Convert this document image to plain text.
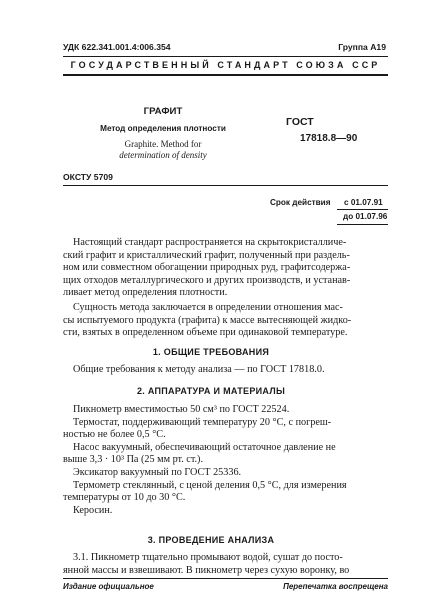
УДК 622.341.001.4:006.354	Группа А19
ГОСУДАРСТВЕННЫЙ СТАНДАРТ СОЮЗА ССР
ГРАФИТ
Метод определения плотности
Graphite. Method for
determination of density
ГОСТ
17818.8—90
ОКСТУ 5709
Срок действия с 01.07.91
до 01.07.96
Настоящий стандарт распространяется на скрытокристалличе-
ский графит и кристаллический графит, полученный при раздель-
ном или совместном обогащении природных руд, графитсодержа-
щих отходов металлургического и других производств, и устанав-
ливает метод определения плотности.
Сущность метода заключается в определении отношения мас-
сы испытуемого продукта (графита) к массе вытесняющей жидко-
сти, взятых в определенном объеме при одинаковой температуре.
1. ОБЩИЕ ТРЕБОВАНИЯ
Общие требования к методу анализа — по ГОСТ 17818.0.
2. АППАРАТУРА И МАТЕРИАЛЫ
Пикнометр вместимостью 50 см³ по ГОСТ 22524.
Термостат, поддерживающий температуру 20 °С, с погреш-
ностью не более 0,5 °С.
Насос вакуумный, обеспечивающий остаточное давление не
выше 3,3 · 10³ Па (25 мм рт. ст.).
Эксикатор вакуумный по ГОСТ 25336.
Термометр стеклянный, с ценой деления 0,5 °С, для измерения
температуры от 10 до 30 °С.
Керосин.
3. ПРОВЕДЕНИЕ АНАЛИЗА
3.1. Пикнометр тщательно промывают водой, сушат до посто-
янной массы и взвешивают. В пикнометр через сухую воронку, во
Издание официальное	Перепечатка воспрещена
